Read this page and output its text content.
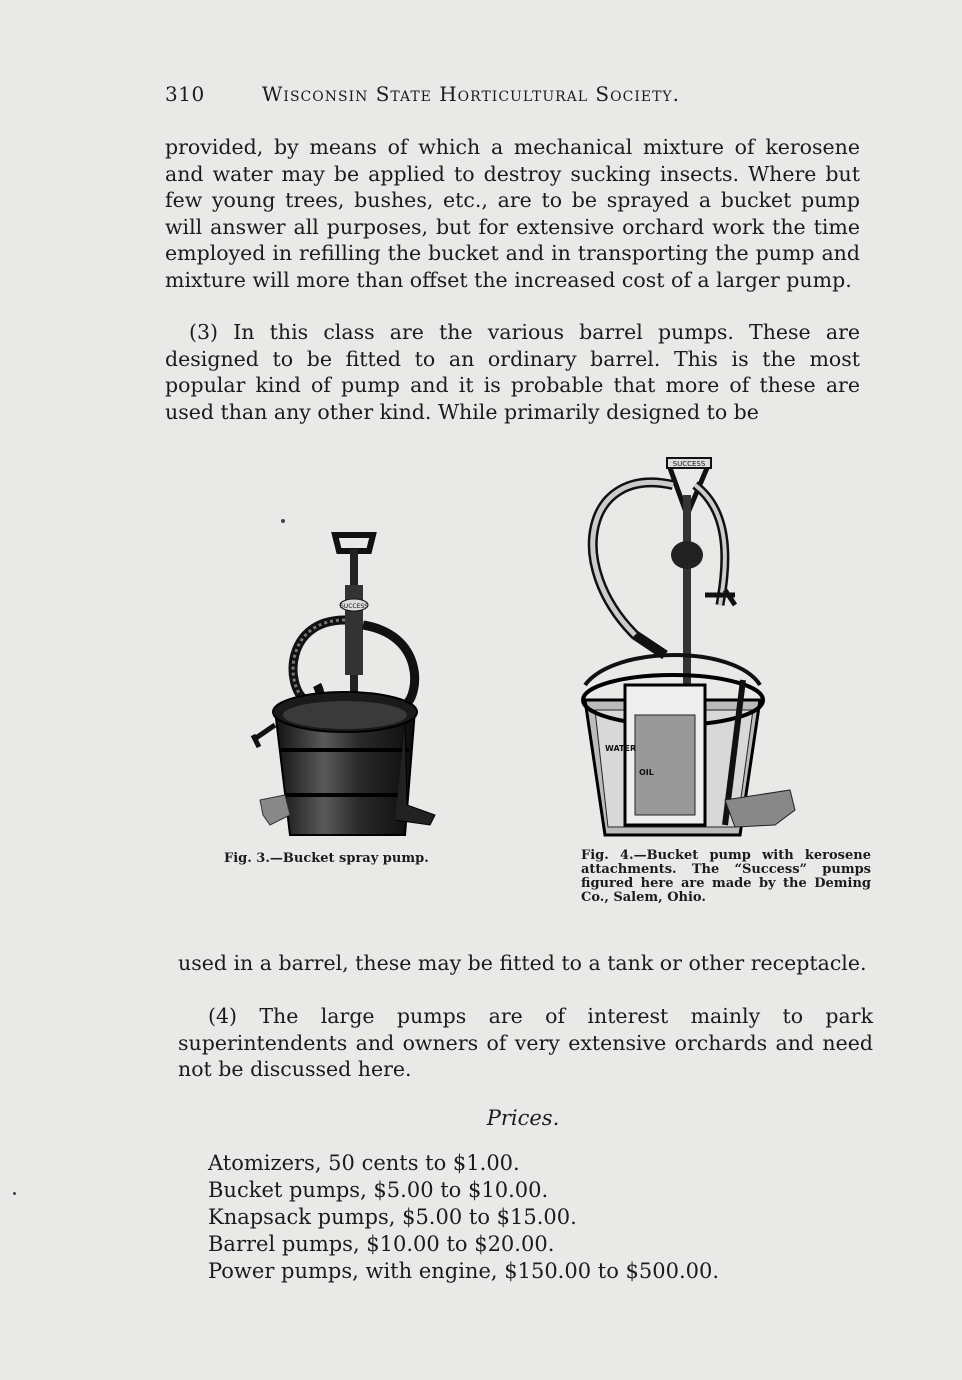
310	Wisconsin State Horticultural Society.

provided, by means of which a mechanical mixture of kerosene and water may be applied to destroy sucking insects. Where but few young trees, bushes, etc., are to be sprayed a bucket pump will answer all purposes, but for extensive orchard work the time employed in refilling the bucket and in transporting the pump and mixture will more than offset the increased cost of a larger pump.

(3) In this class are the various barrel pumps. These are designed to be fitted to an ordinary barrel. This is the most popular kind of pump and it is probable that more of these are used than any other kind. While primarily designed to be

SUCCESS
SUCCESS
WATER
OIL

Fig. 3.—Bucket spray pump.	Fig. 4.—Bucket pump with kerosene attachments. The “Success” pumps figured here are made by the Deming Co., Salem, Ohio.

used in a barrel, these may be fitted to a tank or other receptacle.

(4) The large pumps are of interest mainly to park superintendents and owners of very extensive orchards and need not be discussed here.

Prices.
Atomizers, 50 cents to $1.00.
Bucket pumps, $5.00 to $10.00.
Knapsack pumps, $5.00 to $15.00.
Barrel pumps, $10.00 to $20.00.
Power pumps, with engine, $150.00 to $500.00.
